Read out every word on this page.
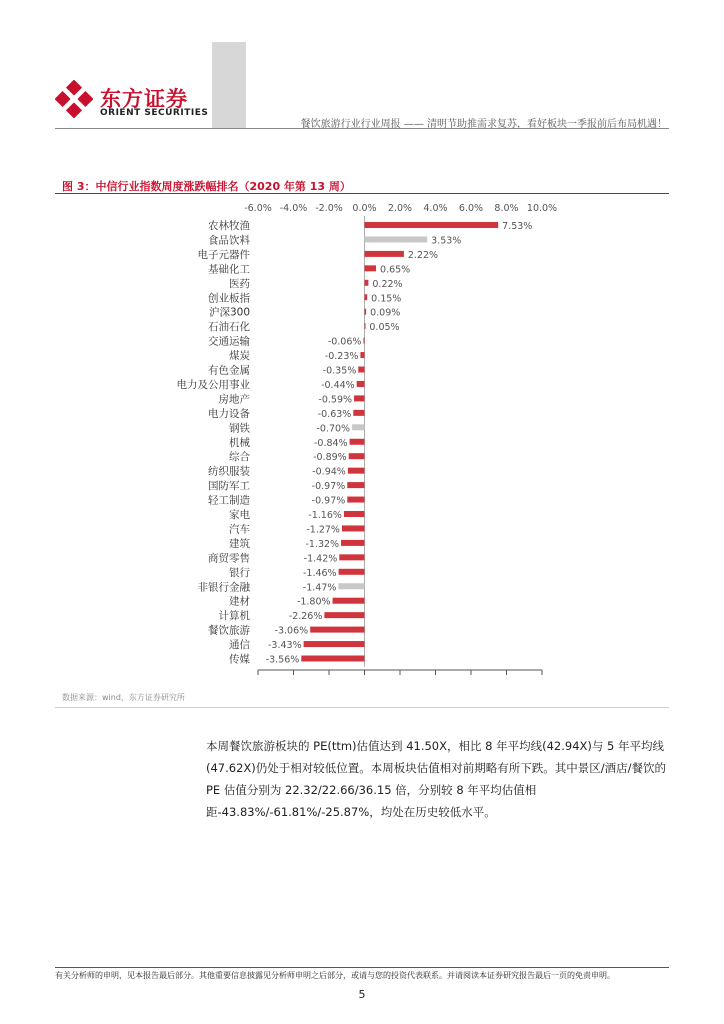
东方证券
ORIENT SECURITIES
餐饮旅游行业行业周报 —— 清明节助推需求复苏，看好板块一季报前后布局机遇！
图 3：中信行业指数周度涨跌幅排名（2020 年第 13 周）
-6.0% -4.0% -2.0% 0.0% 2.0% 4.0% 6.0% 8.0% 10.0%
农林牧渔	7.53%
食品饮料	3.53%
电子元器件	2.22%
基础化工	0.65%
医药	0.22%
创业板指	0.15%
沪深300	0.09%
石油石化	0.05%
交通运输	-0.06%
煤炭	-0.23%
有色金属	-0.35%
电力及公用事业	-0.44%
房地产	-0.59%
电力设备	-0.63%
钢铁	-0.70%
机械	-0.84%
综合	-0.89%
纺织服装	-0.94%
国防军工	-0.97%
轻工制造	-0.97%
家电	-1.16%
汽车	-1.27%
建筑	-1.32%
商贸零售	-1.42%
银行	-1.46%
非银行金融	-1.47%
建材	-1.80%
计算机	-2.26%
餐饮旅游	-3.06%
通信 -3.43%
传媒 -3.56%
数据来源：wind，东方证券研究所

本周餐饮旅游板块的 PE(ttm)估值达到 41.50X，相比 8 年平均线(42.94X)与 5 年平均线(47.62X)仍处于相对较低位置。本周板块估值相对前期略有所下跌。其中景区/酒店/餐饮的 PE 估值分别为 22.32/22.66/36.15 倍，分别较 8 年平均估值相距-43.83%/-61.81%/-25.87%，均处在历史较低水平。

有关分析师的申明，见本报告最后部分。其他重要信息披露见分析师申明之后部分，或请与您的投资代表联系。并请阅读本证券研究报告最后一页的免责申明。
5
